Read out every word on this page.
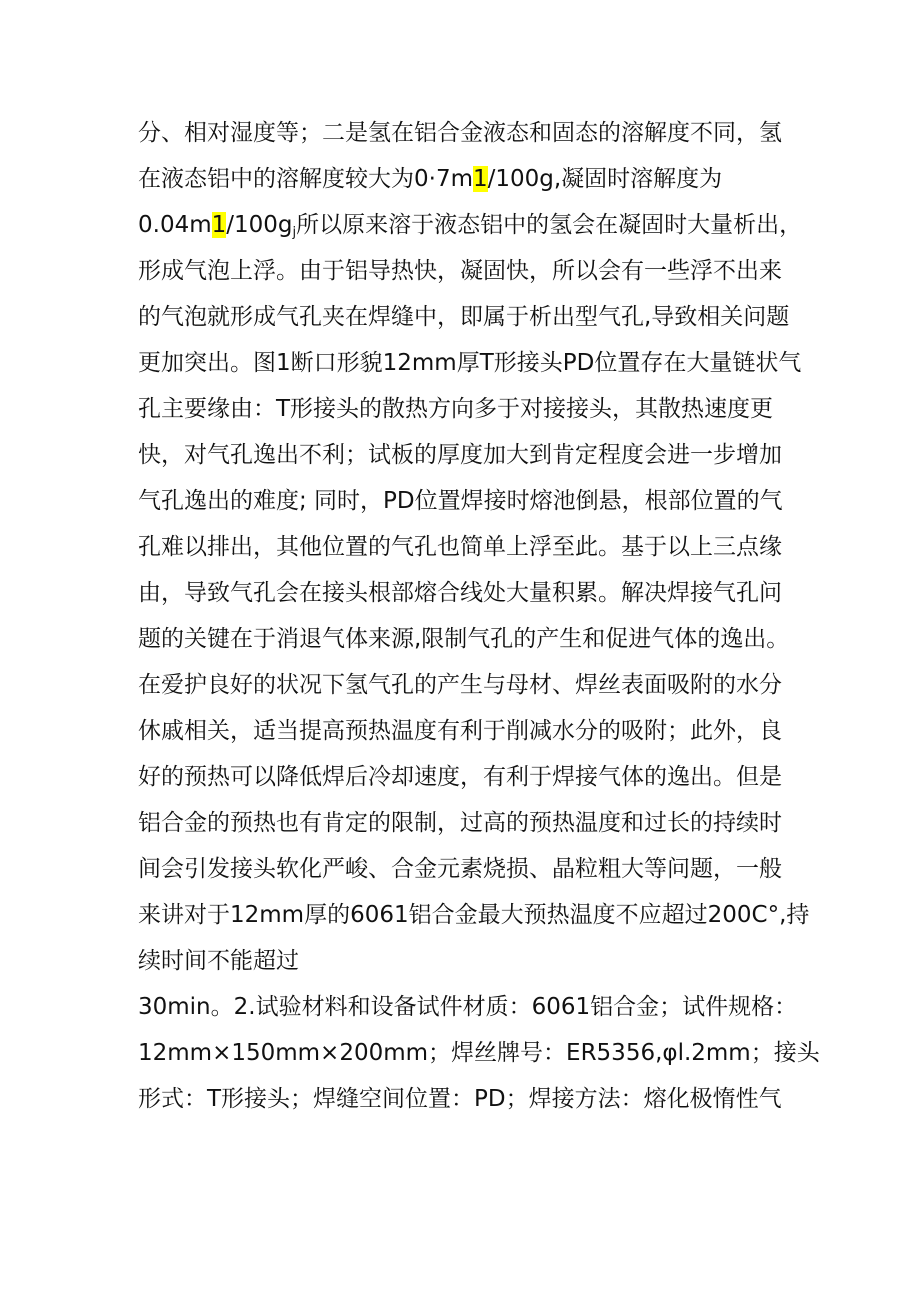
分、相对湿度等；二是氢在铝合金液态和固态的溶解度不同，氢
在液态铝中的溶解度较大为0·7m1/100g,凝固时溶解度为
$0.04m1/100g_j$所以原来溶于液态铝中的氢会在凝固时大量析出，
形成气泡上浮。由于铝导热快，凝固快，所以会有一些浮不出来
的气泡就形成气孔夹在焊缝中，即属于析出型气孔,导致相关问题
更加突出。图1断口形貌12mm厚T形接头PD位置存在大量链状气
孔主要缘由：T形接头的散热方向多于对接接头，其散热速度更
快，对气孔逸出不利；试板的厚度加大到肯定程度会进一步增加
气孔逸出的难度; 同时，PD位置焊接时熔池倒悬，根部位置的气
孔难以排出，其他位置的气孔也简单上浮至此。基于以上三点缘
由，导致气孔会在接头根部熔合线处大量积累。解决焊接气孔问
题的关键在于消退气体来源,限制气孔的产生和促进气体的逸出。
在爱护良好的状况下氢气孔的产生与母材、焊丝表面吸附的水分
休戚相关，适当提高预热温度有利于削减水分的吸附；此外，良
好的预热可以降低焊后冷却速度，有利于焊接气体的逸出。但是
铝合金的预热也有肯定的限制，过高的预热温度和过长的持续时
间会引发接头软化严峻、合金元素烧损、晶粒粗大等问题，一般
来讲对于12mm厚的6061铝合金最大预热温度不应超过200C°,持
续时间不能超过
30min。2.试验材料和设备试件材质：6061铝合金；试件规格：
12mm×150mm×200mm；焊丝牌号：ER5356,φl.2mm；接头
形式：T形接头；焊缝空间位置：PD；焊接方法：熔化极惰性气
